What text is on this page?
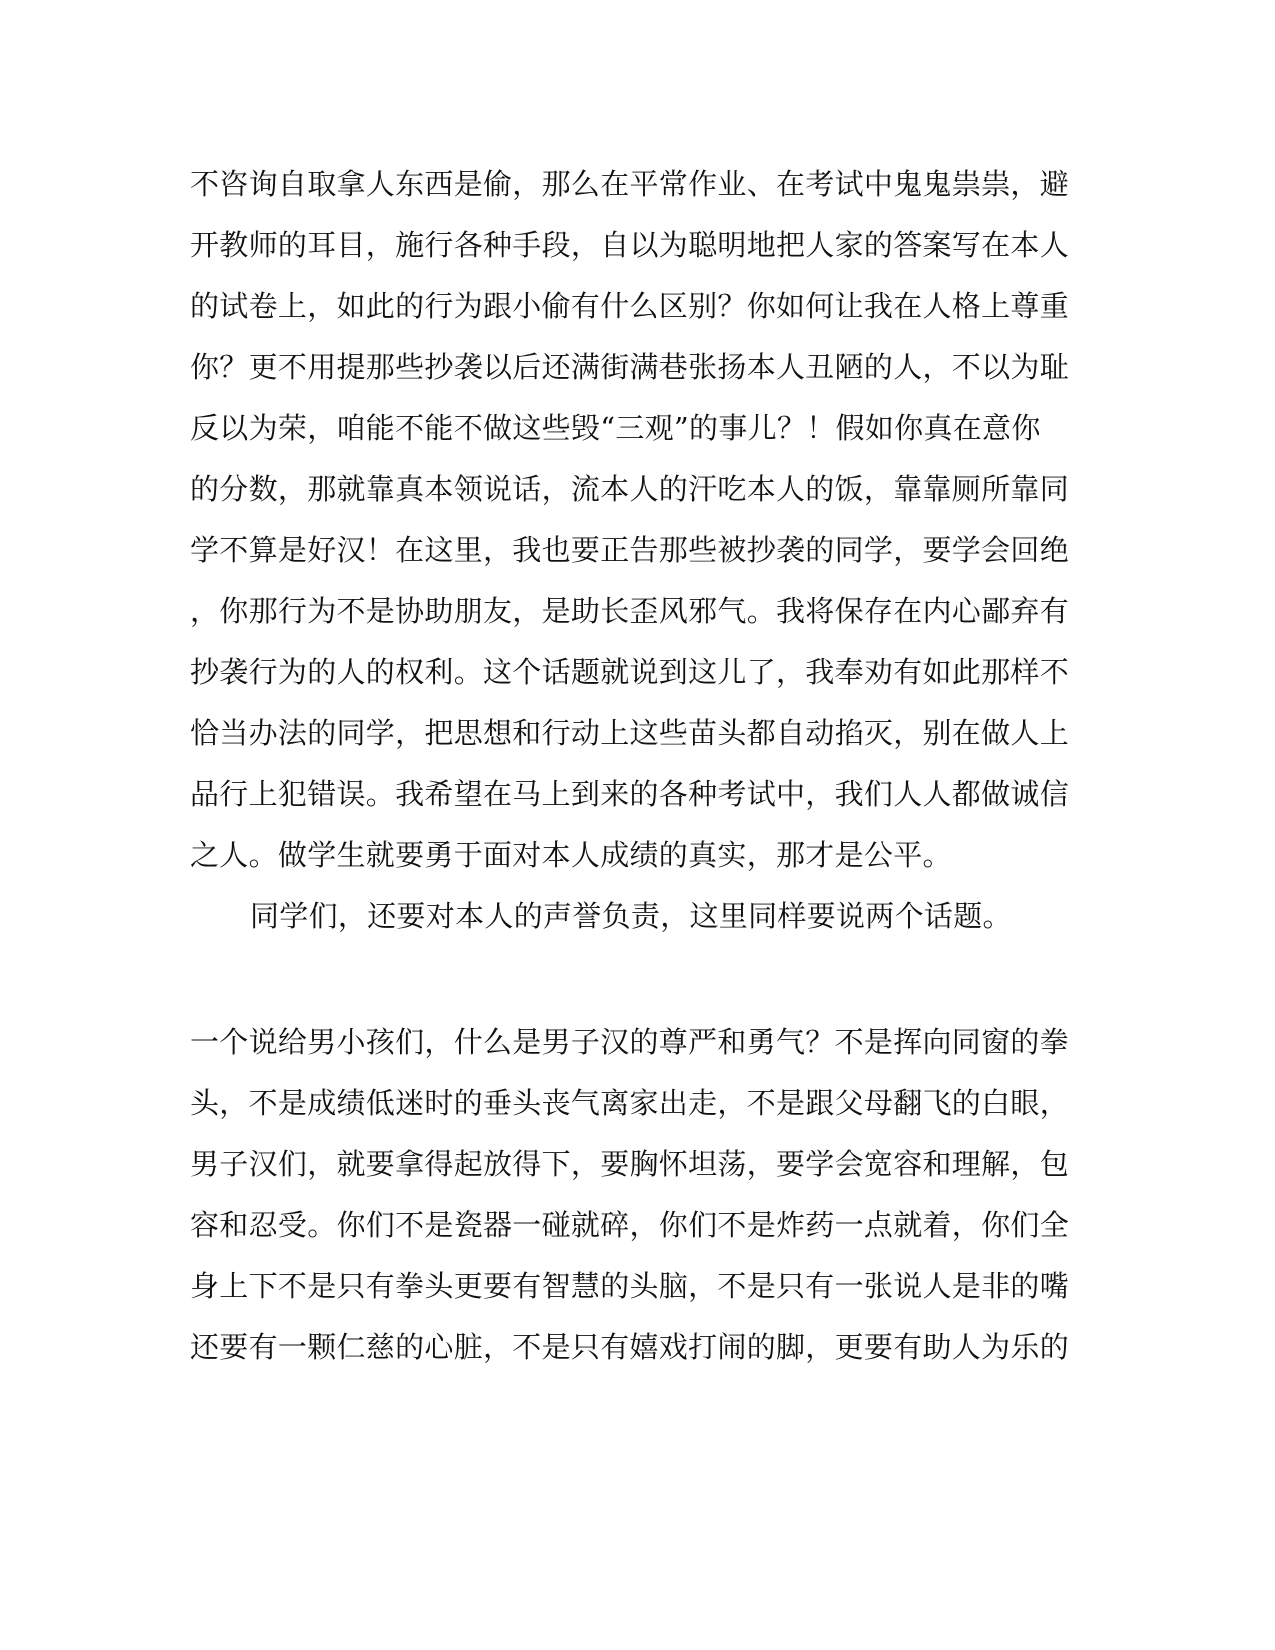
不咨询自取拿人东西是偷，那么在平常作业、在考试中鬼鬼祟祟，避
开教师的耳目，施行各种手段，自以为聪明地把人家的答案写在本人
的试卷上，如此的行为跟小偷有什么区别？你如何让我在人格上尊重
你？更不用提那些抄袭以后还满街满巷张扬本人丑陋的人，不以为耻
反以为荣，咱能不能不做这些毁“三观”的事儿？！假如你真在意你
的分数，那就靠真本领说话，流本人的汗吃本人的饭，靠靠厕所靠同
学不算是好汉！在这里，我也要正告那些被抄袭的同学，要学会回绝
，你那行为不是协助朋友，是助长歪风邪气。我将保存在内心鄙弃有
抄袭行为的人的权利。这个话题就说到这儿了，我奉劝有如此那样不
恰当办法的同学，把思想和行动上这些苗头都自动掐灭，别在做人上
品行上犯错误。我希望在马上到来的各种考试中，我们人人都做诚信
之人。做学生就要勇于面对本人成绩的真实，那才是公平。
同学们，还要对本人的声誉负责，这里同样要说两个话题。
一个说给男小孩们，什么是男子汉的尊严和勇气？不是挥向同窗的拳
头，不是成绩低迷时的垂头丧气离家出走，不是跟父母翻飞的白眼，
男子汉们，就要拿得起放得下，要胸怀坦荡，要学会宽容和理解，包
容和忍受。你们不是瓷器一碰就碎，你们不是炸药一点就着，你们全
身上下不是只有拳头更要有智慧的头脑，不是只有一张说人是非的嘴
还要有一颗仁慈的心脏，不是只有嬉戏打闹的脚，更要有助人为乐的
